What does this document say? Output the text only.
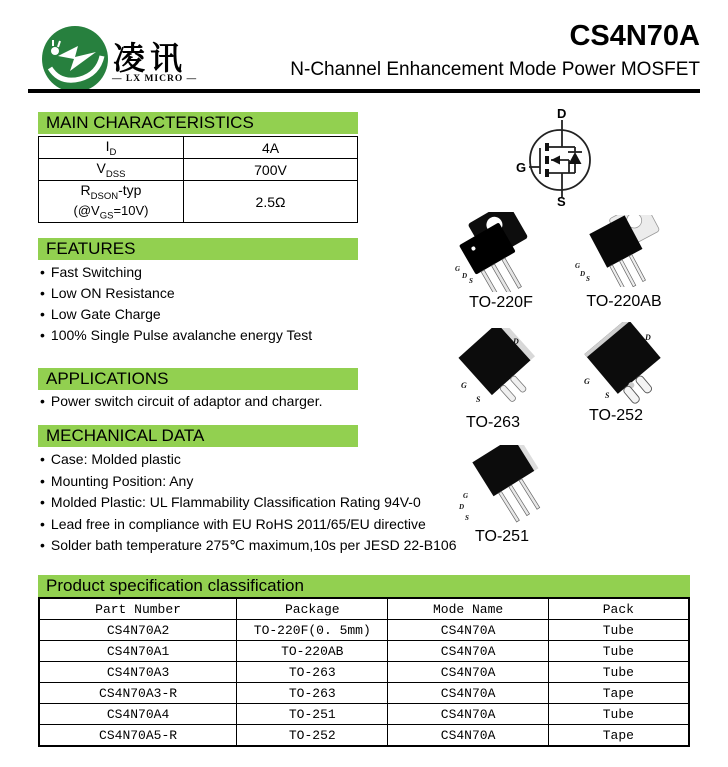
凌讯
— LX MICRO —
CS4N70A
N-Channel Enhancement Mode Power MOSFET
MAIN CHARACTERISTICS
$I_D$	4A
$V_{DSS}$	700V
$R_{DSON}$-typ
$(@V_{GS}=10V)$	2.5Ω
FEATURES
• Fast Switching
• Low ON Resistance
• Low Gate Charge
• 100% Single Pulse avalanche energy Test
APPLICATIONS
• Power switch circuit of adaptor and charger.
MECHANICAL DATA
• Case: Molded plastic
• Mounting Position: Any
• Molded Plastic: UL Flammability Classification Rating 94V-0
• Lead free in compliance with EU RoHS 2011/65/EU directive
• Solder bath temperature 275℃ maximum,10s per JESD 22-B106
D
G
S
G
D
S
TO-220F
G
D
S
TO-220AB
D
G
S
TO-263
D
G
S
TO-252
G
D
S
TO-251
Product specification classification
Part Number	Package	Mode Name	Pack
CS4N70A2	TO-220F(0. 5mm)	CS4N70A	Tube
CS4N70A1	TO-220AB	CS4N70A	Tube
CS4N70A3	TO-263	CS4N70A	Tube
CS4N70A3-R	TO-263	CS4N70A	Tape
CS4N70A4	TO-251	CS4N70A	Tube
CS4N70A5-R	TO-252	CS4N70A	Tape
